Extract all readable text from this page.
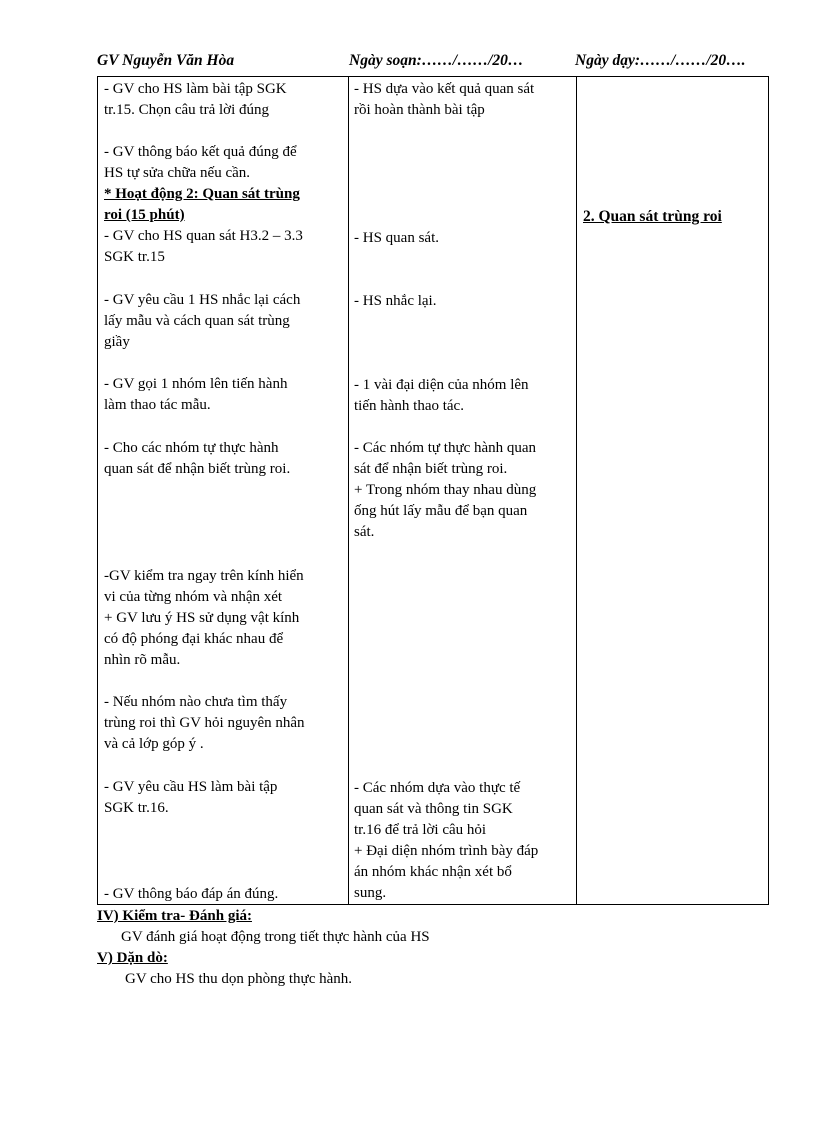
GV Nguyễn Văn Hòa	Ngày soạn:……/……/20…	Ngày dạy:……/……/20….
- GV cho HS làm bài tập SGK
tr.15. Chọn câu trả lời đúng
- GV thông báo kết quả đúng để
HS tự sửa chữa nếu cần.
* Hoạt động 2: Quan sát trùng
roi (15 phút)
- GV cho HS quan sát H3.2 – 3.3
SGK tr.15
- GV yêu cầu 1 HS nhắc lại cách
lấy mẫu và cách quan sát trùng
giầy
- GV gọi 1 nhóm lên tiến hành
làm thao tác mẫu.
- Cho các nhóm tự thực hành
quan sát để nhận biết trùng roi.
-GV kiểm tra ngay trên kính hiển
vi của từng nhóm và nhận xét
+ GV lưu ý HS sử dụng vật kính
có độ phóng đại khác nhau để
nhìn rõ mẫu.
- Nếu nhóm nào chưa tìm thấy
trùng roi thì GV hỏi nguyên nhân
và cả lớp góp ý .
- GV yêu cầu HS làm bài tập
SGK tr.16.
- GV thông báo đáp án đúng.
- HS dựa vào kết quả quan sát
rồi hoàn thành bài tập
- HS quan sát.
- HS nhắc lại.
- 1 vài đại diện của nhóm lên
tiến hành thao tác.
- Các nhóm tự thực hành quan
sát để nhận biết trùng roi.
+ Trong nhóm thay nhau dùng
ống hút lấy mẫu để bạn quan
sát.
- Các nhóm dựa vào thực tế
quan sát và thông tin SGK
tr.16 để trả lời câu hỏi
+ Đại diện nhóm trình bày đáp
án nhóm khác nhận xét bổ
sung.
2. Quan sát trùng roi
IV) Kiểm tra- Đánh giá:
GV đánh giá hoạt động trong tiết thực hành của HS
V) Dặn dò:
GV cho HS thu dọn phòng thực hành.
